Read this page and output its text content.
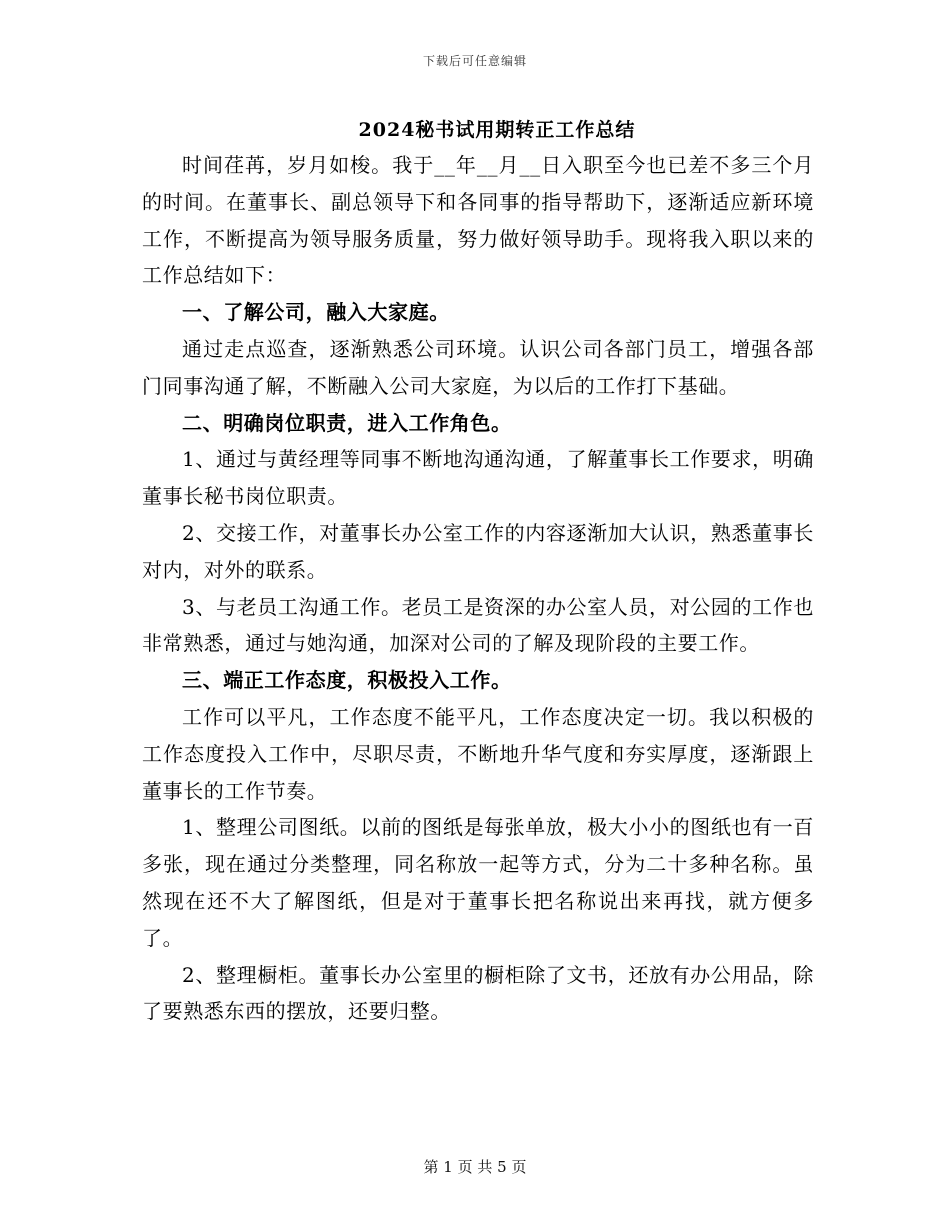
下载后可任意编辑
2024秘书试用期转正工作总结

时间荏苒，岁月如梭。我于__年__月__日入职至今也已差不多三个月的时间。在董事长、副总领导下和各同事的指导帮助下，逐渐适应新环境工作，不断提高为领导服务质量，努力做好领导助手。现将我入职以来的工作总结如下：

一、了解公司，融入大家庭。

通过走点巡查，逐渐熟悉公司环境。认识公司各部门员工，增强各部门同事沟通了解，不断融入公司大家庭，为以后的工作打下基础。

二、明确岗位职责，进入工作角色。

1、通过与黄经理等同事不断地沟通沟通，了解董事长工作要求，明确董事长秘书岗位职责。

2、交接工作，对董事长办公室工作的内容逐渐加大认识，熟悉董事长对内，对外的联系。

3、与老员工沟通工作。老员工是资深的办公室人员，对公园的工作也非常熟悉，通过与她沟通，加深对公司的了解及现阶段的主要工作。

三、端正工作态度，积极投入工作。

工作可以平凡，工作态度不能平凡，工作态度决定一切。我以积极的工作态度投入工作中，尽职尽责，不断地升华气度和夯实厚度，逐渐跟上董事长的工作节奏。

1、整理公司图纸。以前的图纸是每张单放，极大小小的图纸也有一百多张，现在通过分类整理，同名称放一起等方式，分为二十多种名称。虽然现在还不大了解图纸，但是对于董事长把名称说出来再找，就方便多了。

2、整理橱柜。董事长办公室里的橱柜除了文书，还放有办公用品，除了要熟悉东西的摆放，还要归整。

第 1 页 共 5 页
